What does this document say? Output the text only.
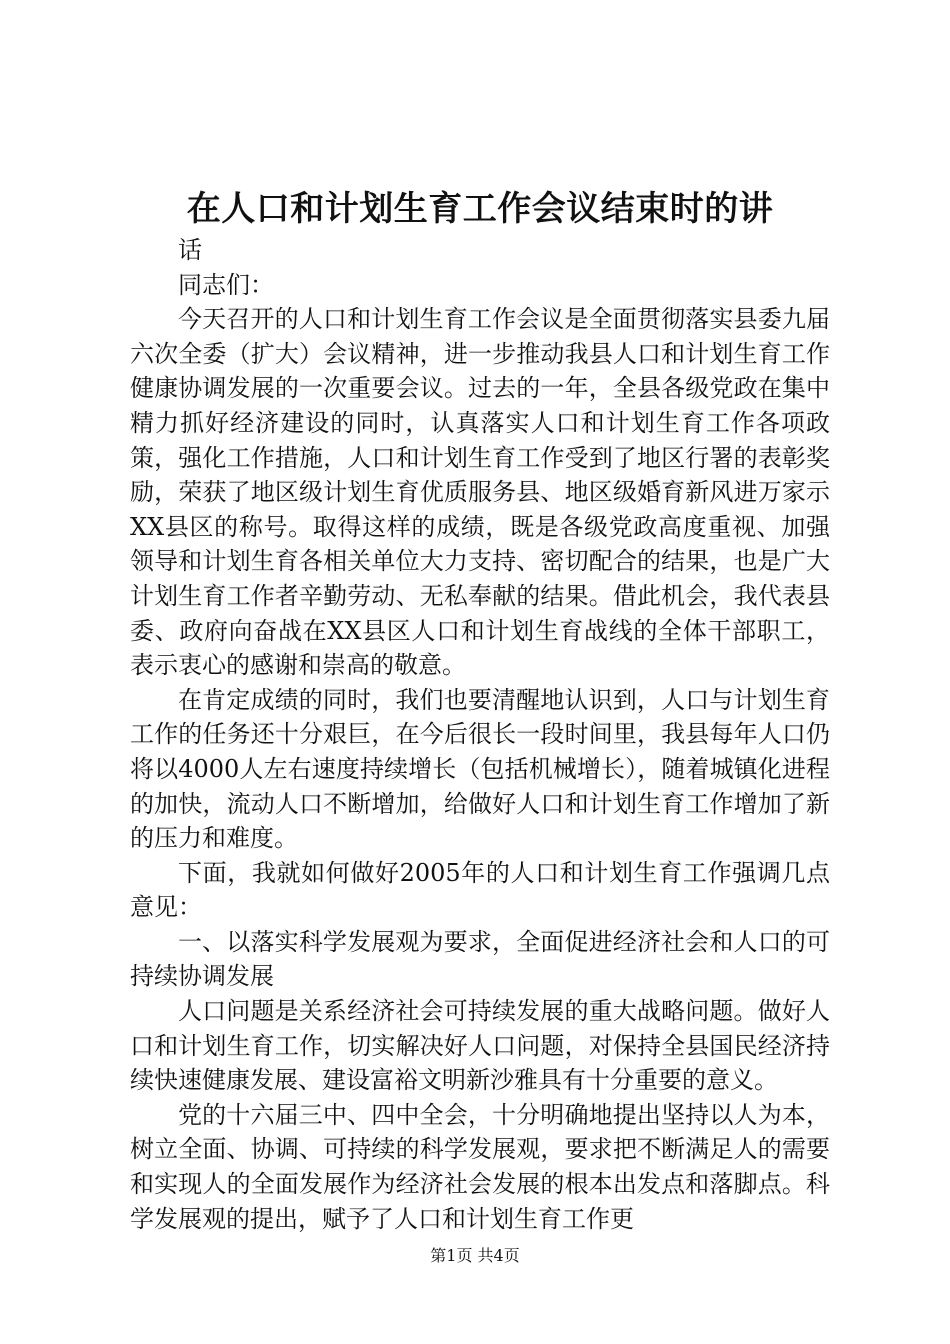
在人口和计划生育工作会议结束时的讲

话

同志们：

今天召开的人口和计划生育工作会议是全面贯彻落实县委九届六次全委（扩大）会议精神，进一步推动我县人口和计划生育工作健康协调发展的一次重要会议。过去的一年，全县各级党政在集中精力抓好经济建设的同时，认真落实人口和计划生育工作各项政策，强化工作措施，人口和计划生育工作受到了地区行署的表彰奖励，荣获了地区级计划生育优质服务县、地区级婚育新风进万家示XX县区的称号。取得这样的成绩，既是各级党政高度重视、加强领导和计划生育各相关单位大力支持、密切配合的结果，也是广大计划生育工作者辛勤劳动、无私奉献的结果。借此机会，我代表县委、政府向奋战在XX县区人口和计划生育战线的全体干部职工，表示衷心的感谢和崇高的敬意。

在肯定成绩的同时，我们也要清醒地认识到，人口与计划生育工作的任务还十分艰巨，在今后很长一段时间里，我县每年人口仍将以4000人左右速度持续增长（包括机械增长），随着城镇化进程的加快，流动人口不断增加，给做好人口和计划生育工作增加了新的压力和难度。

下面，我就如何做好2005年的人口和计划生育工作强调几点意见：

一、以落实科学发展观为要求，全面促进经济社会和人口的可持续协调发展

人口问题是关系经济社会可持续发展的重大战略问题。做好人口和计划生育工作，切实解决好人口问题，对保持全县国民经济持续快速健康发展、建设富裕文明新沙雅具有十分重要的意义。

党的十六届三中、四中全会，十分明确地提出坚持以人为本，树立全面、协调、可持续的科学发展观，要求把不断满足人的需要和实现人的全面发展作为经济社会发展的根本出发点和落脚点。科学发展观的提出，赋予了人口和计划生育工作更

第1页 共4页
